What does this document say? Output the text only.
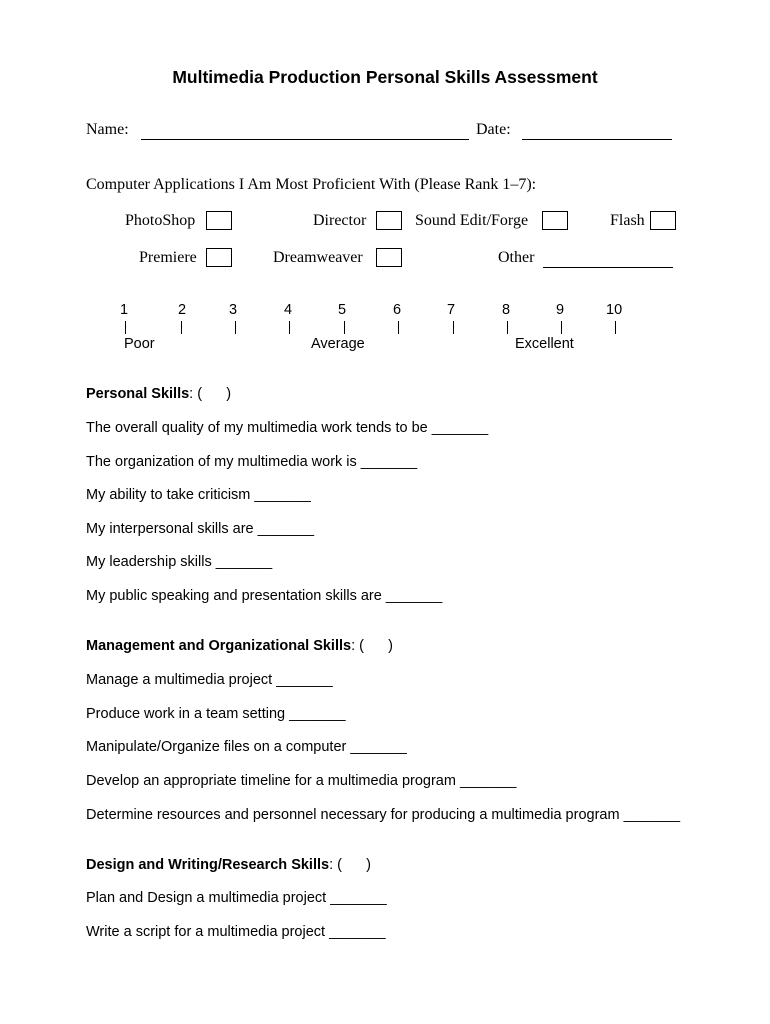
Multimedia Production Personal Skills Assessment
Name:	Date:
Computer Applications I Am Most Proficient With (Please Rank 1–7):
PhotoShop	Director	Sound Edit/Forge	Flash
Premiere	Dreamweaver	Other
1	2	3	4	5	6	7	8	9	10
Poor	Average	Excellent
Personal Skills: (      )
The overall quality of my multimedia work tends to be _______
The organization of my multimedia work is _______
My ability to take criticism _______
My interpersonal skills are _______
My leadership skills _______
My public speaking and presentation skills are _______
Management and Organizational Skills: (      )
Manage a multimedia project _______
Produce work in a team setting _______
Manipulate/Organize files on a computer _______
Develop an appropriate timeline for a multimedia program _______
Determine resources and personnel necessary for producing a multimedia program _______
Design and Writing/Research Skills: (      )
Plan and Design a multimedia project _______
Write a script for a multimedia project _______
